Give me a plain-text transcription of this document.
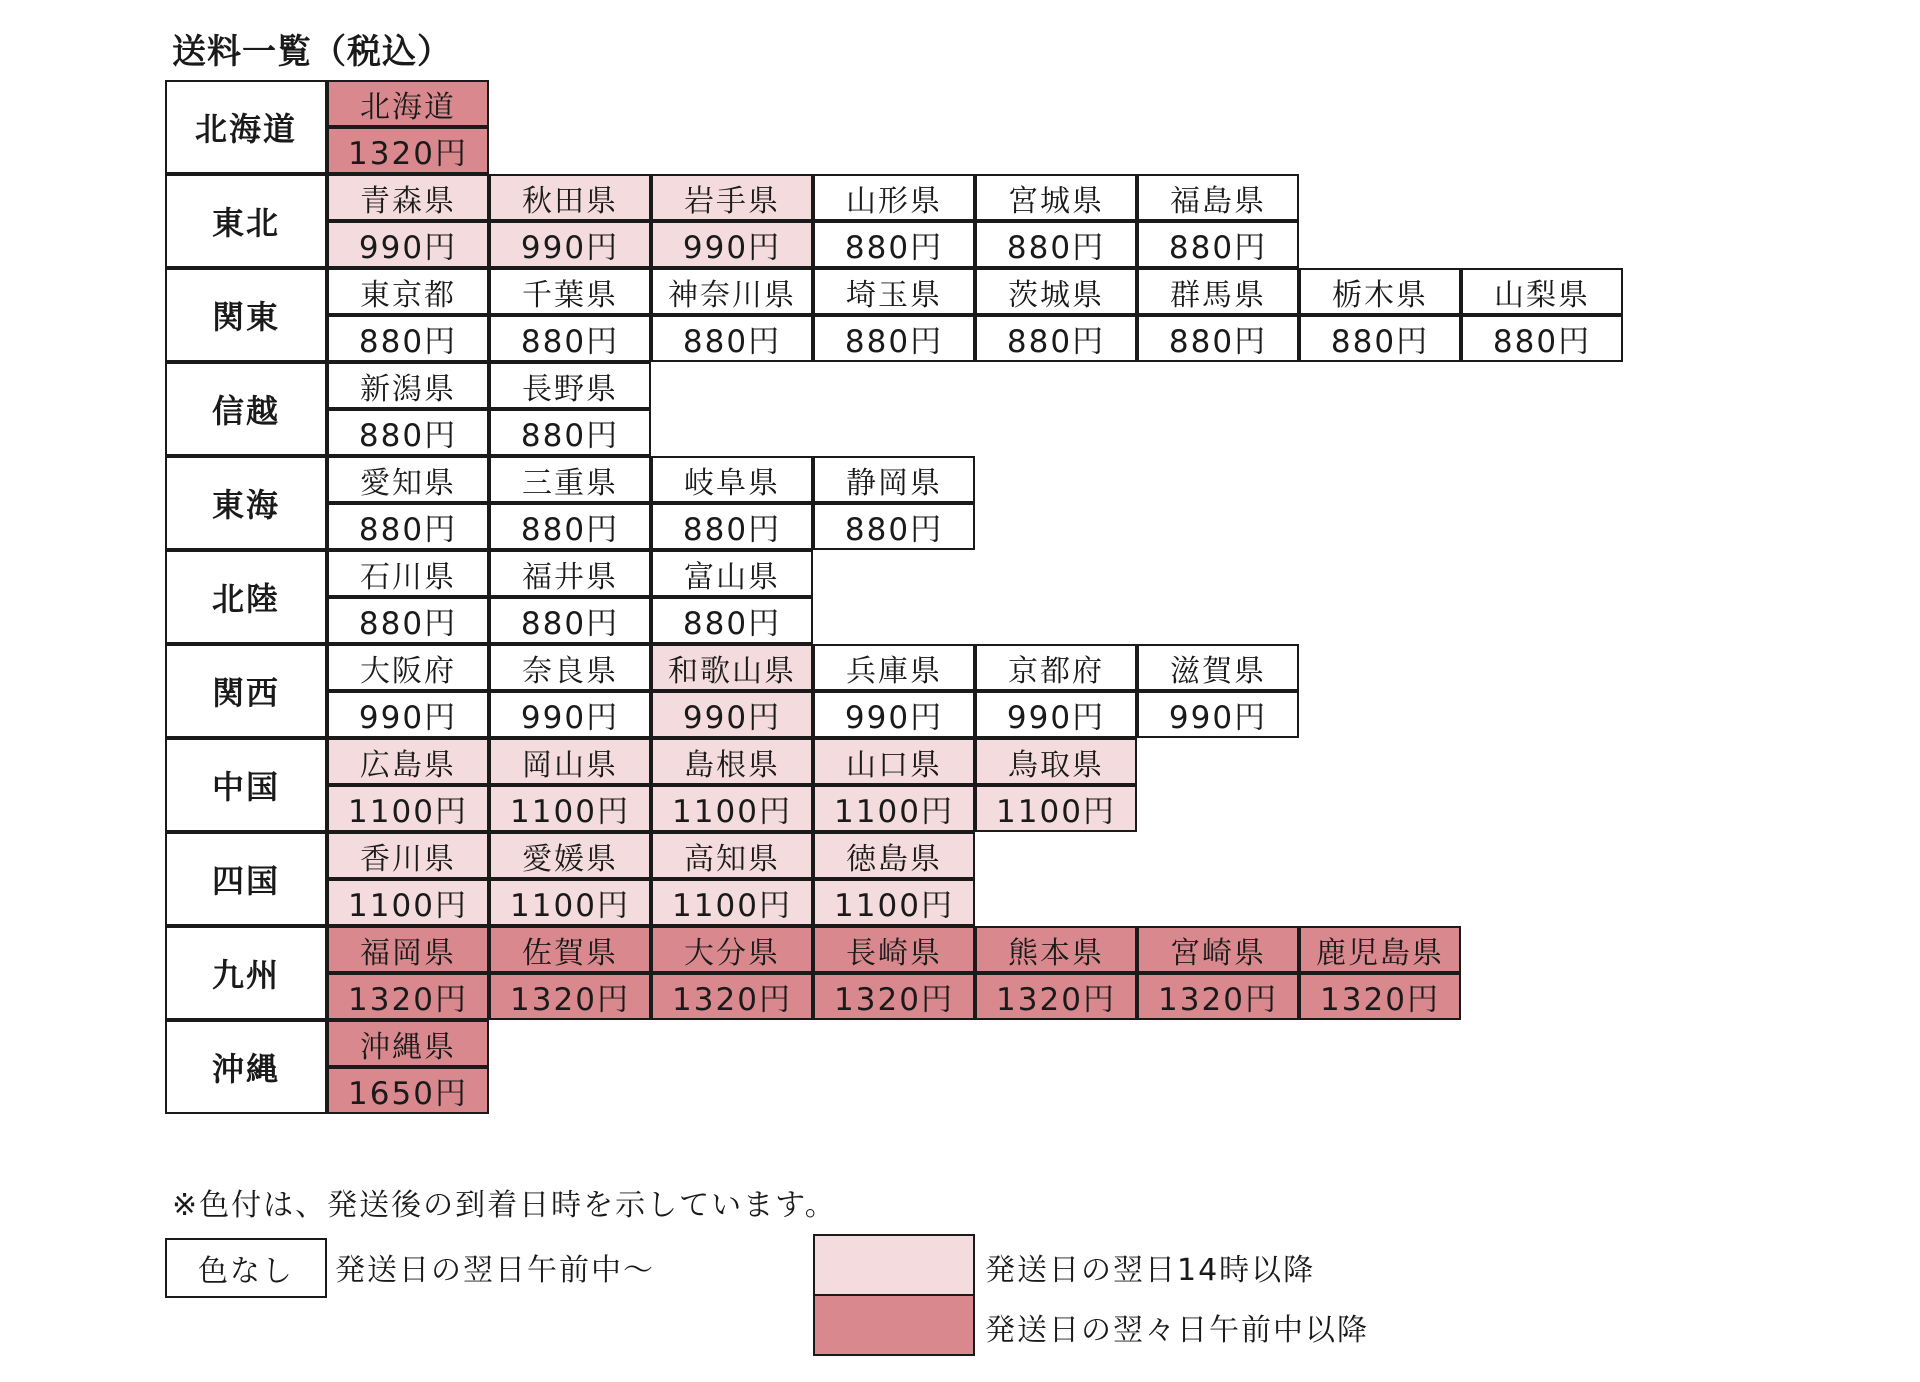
送料一覧（税込）
北海道
北海道
1320円
東北
青森県
990円
秋田県
990円
岩手県
990円
山形県
880円
宮城県
880円
福島県
880円
関東
東京都
880円
千葉県
880円
神奈川県
880円
埼玉県
880円
茨城県
880円
群馬県
880円
栃木県
880円
山梨県
880円
信越
新潟県
880円
長野県
880円
東海
愛知県
880円
三重県
880円
岐阜県
880円
静岡県
880円
北陸
石川県
880円
福井県
880円
富山県
880円
関西
大阪府
990円
奈良県
990円
和歌山県
990円
兵庫県
990円
京都府
990円
滋賀県
990円
中国
広島県
1100円
岡山県
1100円
島根県
1100円
山口県
1100円
鳥取県
1100円
四国
香川県
1100円
愛媛県
1100円
高知県
1100円
徳島県
1100円
九州
福岡県
1320円
佐賀県
1320円
大分県
1320円
長崎県
1320円
熊本県
1320円
宮崎県
1320円
鹿児島県
1320円
沖縄
沖縄県
1650円
※色付は、発送後の到着日時を示しています。
色なし	発送日の翌日午前中～	発送日の翌日14時以降
発送日の翌々日午前中以降
